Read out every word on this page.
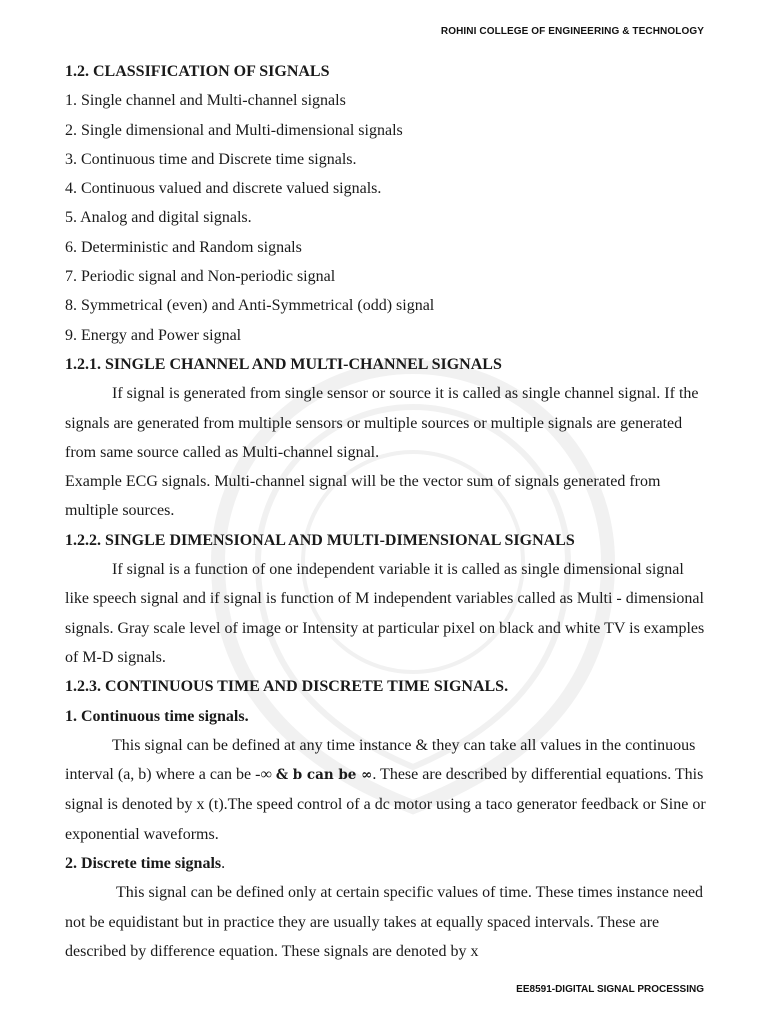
ROHINI COLLEGE OF ENGINEERING & TECHNOLOGY

1.2. CLASSIFICATION OF SIGNALS

1. Single channel and Multi-channel signals

2. Single dimensional and Multi-dimensional signals

3. Continuous time and Discrete time signals.

4. Continuous valued and discrete valued signals.

5. Analog and digital signals.

6. Deterministic and Random signals

7. Periodic signal and Non-periodic signal

8. Symmetrical (even) and Anti-Symmetrical (odd) signal

9. Energy and Power signal

1.2.1. SINGLE CHANNEL AND MULTI-CHANNEL SIGNALS

If signal is generated from single sensor or source it is called as single channel signal. If the signals are generated from multiple sensors or multiple sources or multiple signals are generated from same source called as Multi-channel signal.

Example ECG signals. Multi-channel signal will be the vector sum of signals generated from multiple sources.

1.2.2. SINGLE DIMENSIONAL AND MULTI-DIMENSIONAL SIGNALS

If signal is a function of one independent variable it is called as single dimensional signal like speech signal and if signal is function of M independent variables called as Multi - dimensional signals. Gray scale level of image or Intensity at particular pixel on black and white TV is examples of M-D signals.

1.2.3. CONTINUOUS TIME AND DISCRETE TIME SIGNALS.

1. Continuous time signals.

This signal can be defined at any time instance & they can take all values in the continuous interval (a, b) where a can be -∞ & b can be ∞. These are described by differential equations. This signal is denoted by x (t).The speed control of a dc motor using a taco generator feedback or Sine or exponential waveforms.

2. Discrete time signals.

This signal can be defined only at certain specific values of time. These times instance need not be equidistant but in practice they are usually takes at equally spaced intervals. These are described by difference equation. These signals are denoted by x

EE8591-DIGITAL SIGNAL PROCESSING
